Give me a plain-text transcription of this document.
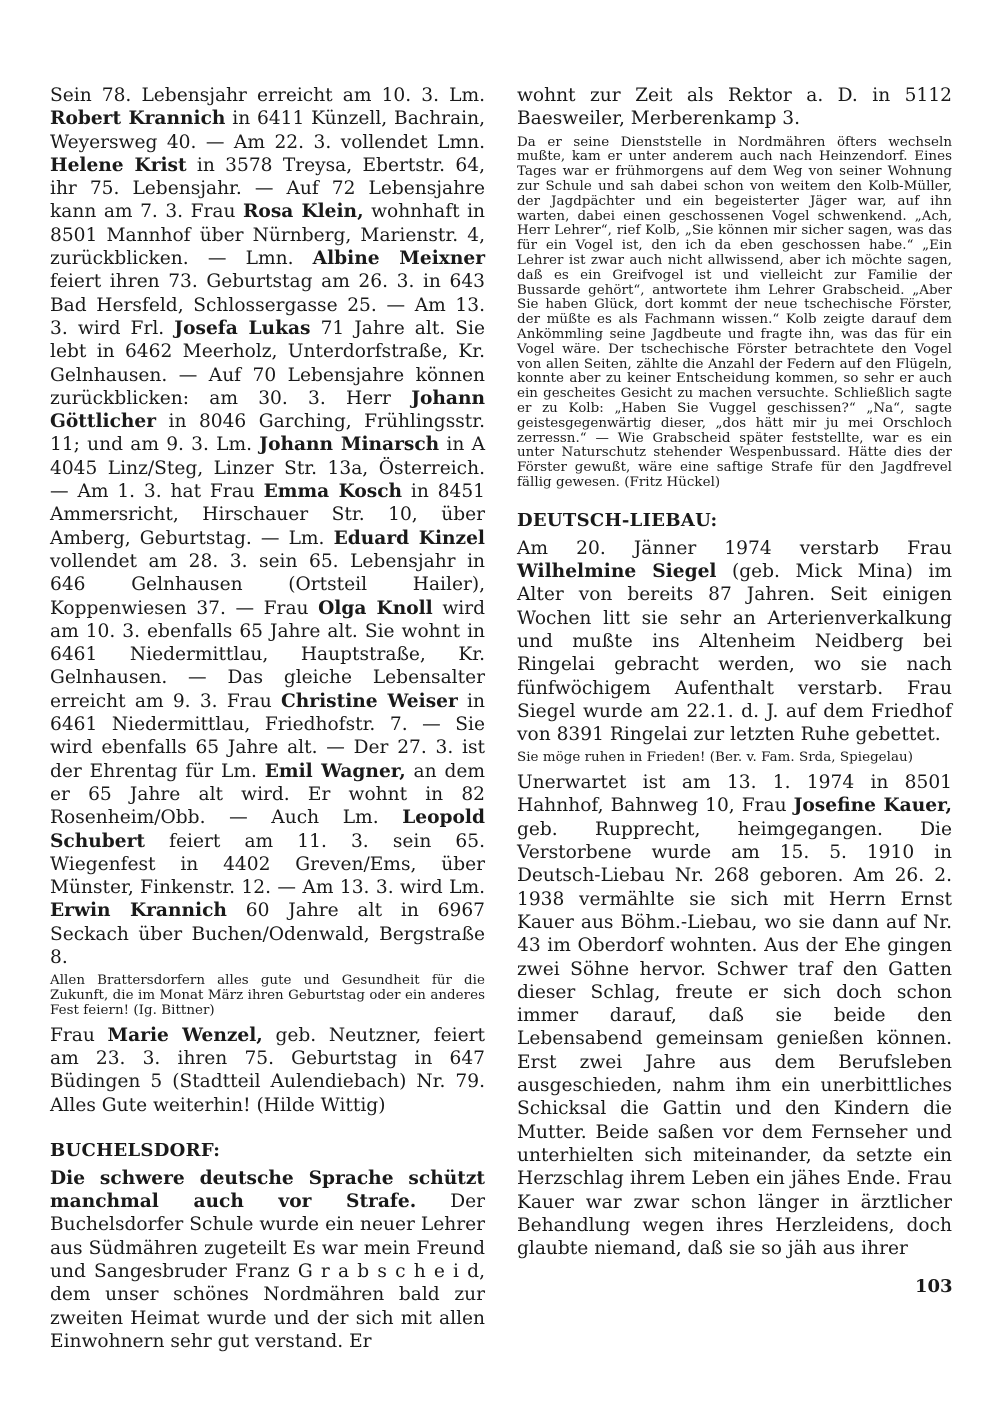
Sein 78. Lebensjahr erreicht am 10. 3. Lm. Robert Krannich in 6411 Künzell, Bachrain, Weyersweg 40. — Am 22. 3. vollendet Lmn. Helene Krist in 3578 Treysa, Ebertstr. 64, ihr 75. Lebensjahr. — Auf 72 Lebensjahre kann am 7. 3. Frau Rosa Klein, wohnhaft in 8501 Mannhof über Nürnberg, Marienstr. 4, zurückblicken. — Lmn. Albine Meixner feiert ihren 73. Geburtstag am 26. 3. in 643 Bad Hersfeld, Schlossergasse 25. — Am 13. 3. wird Frl. Josefa Lukas 71 Jahre alt. Sie lebt in 6462 Meerholz, Unterdorfstraße, Kr. Gelnhausen. — Auf 70 Lebensjahre können zurückblicken: am 30. 3. Herr Johann Göttlicher in 8046 Garching, Frühlingsstr. 11; und am 9. 3. Lm. Johann Minarsch in A 4045 Linz/Steg, Linzer Str. 13a, Österreich. — Am 1. 3. hat Frau Emma Kosch in 8451 Ammersricht, Hirschauer Str. 10, über Amberg, Geburtstag. — Lm. Eduard Kinzel vollendet am 28. 3. sein 65. Lebensjahr in 646 Gelnhausen (Ortsteil Hailer), Koppenwiesen 37. — Frau Olga Knoll wird am 10. 3. ebenfalls 65 Jahre alt. Sie wohnt in 6461 Niedermittlau, Hauptstraße, Kr. Gelnhausen. — Das gleiche Lebensalter erreicht am 9. 3. Frau Christine Weiser in 6461 Niedermittlau, Friedhofstr. 7. — Sie wird ebenfalls 65 Jahre alt. — Der 27. 3. ist der Ehrentag für Lm. Emil Wagner, an dem er 65 Jahre alt wird. Er wohnt in 82 Rosenheim/Obb. — Auch Lm. Leopold Schubert feiert am 11. 3. sein 65. Wiegenfest in 4402 Greven/Ems, über Münster, Finkenstr. 12. — Am 13. 3. wird Lm. Erwin Krannich 60 Jahre alt in 6967 Seckach über Buchen/Odenwald, Bergstraße 8.

Allen Brattersdorfern alles gute und Gesundheit für die Zukunft, die im Monat März ihren Geburtstag oder ein anderes Fest feiern! (Ig. Bittner)

Frau Marie Wenzel, geb. Neutzner, feiert am 23. 3. ihren 75. Geburtstag in 647 Büdingen 5 (Stadtteil Aulendiebach) Nr. 79. Alles Gute weiterhin! (Hilde Wittig)

BUCHELSDORF:

Die schwere deutsche Sprache schützt manchmal auch vor Strafe. Der Buchelsdorfer Schule wurde ein neuer Lehrer aus Südmähren zugeteilt Es war mein Freund und Sangesbruder Franz G r a b s c h e i d, dem unser schönes Nordmähren bald zur zweiten Heimat wurde und der sich mit allen Einwohnern sehr gut verstand. Er

wohnt zur Zeit als Rektor a. D. in 5112 Baesweiler, Merberenkamp 3.

Da er seine Dienststelle in Nordmähren öfters wechseln mußte, kam er unter anderem auch nach Heinzendorf. Eines Tages war er frühmorgens auf dem Weg von seiner Wohnung zur Schule und sah dabei schon von weitem den Kolb-Müller, der Jagdpächter und ein begeisterter Jäger war, auf ihn warten, dabei einen geschossenen Vogel schwenkend. „Ach, Herr Lehrer“, rief Kolb, „Sie können mir sicher sagen, was das für ein Vogel ist, den ich da eben geschossen habe.“ „Ein Lehrer ist zwar auch nicht allwissend, aber ich möchte sagen, daß es ein Greifvogel ist und vielleicht zur Familie der Bussarde gehört“, antwortete ihm Lehrer Grabscheid. „Aber Sie haben Glück, dort kommt der neue tschechische Förster, der müßte es als Fachmann wissen.“ Kolb zeigte darauf dem Ankömmling seine Jagdbeute und fragte ihn, was das für ein Vogel wäre. Der tschechische Förster betrachtete den Vogel von allen Seiten, zählte die Anzahl der Federn auf den Flügeln, konnte aber zu keiner Entscheidung kommen, so sehr er auch ein gescheites Gesicht zu machen versuchte. Schließlich sagte er zu Kolb: „Haben Sie Vuggel geschissen?“ „Na“, sagte geistesgegenwärtig dieser, „dos hätt mir ju mei Orschloch zerressn.“ — Wie Grabscheid später feststellte, war es ein unter Naturschutz stehender Wespenbussard. Hätte dies der Förster gewußt, wäre eine saftige Strafe für den Jagdfrevel fällig gewesen. (Fritz Hückel)

DEUTSCH-LIEBAU:

Am 20. Jänner 1974 verstarb Frau Wilhelmine Siegel (geb. Mick Mina) im Alter von bereits 87 Jahren. Seit einigen Wochen litt sie sehr an Arterienverkalkung und mußte ins Altenheim Neidberg bei Ringelai gebracht werden, wo sie nach fünfwöchigem Aufenthalt verstarb. Frau Siegel wurde am 22.1. d. J. auf dem Friedhof von 8391 Ringelai zur letzten Ruhe gebettet.

Sie möge ruhen in Frieden! (Ber. v. Fam. Srda, Spiegelau)

Unerwartet ist am 13. 1. 1974 in 8501 Hahnhof, Bahnweg 10, Frau Josefine Kauer, geb. Rupprecht, heimgegangen. Die Verstorbene wurde am 15. 5. 1910 in Deutsch-Liebau Nr. 268 geboren. Am 26. 2. 1938 vermählte sie sich mit Herrn Ernst Kauer aus Böhm.-Liebau, wo sie dann auf Nr. 43 im Oberdorf wohnten. Aus der Ehe gingen zwei Söhne hervor. Schwer traf den Gatten dieser Schlag, freute er sich doch schon immer darauf, daß sie beide den Lebensabend gemeinsam genießen können. Erst zwei Jahre aus dem Berufsleben ausgeschieden, nahm ihm ein unerbittliches Schicksal die Gattin und den Kindern die Mutter. Beide saßen vor dem Fernseher und unterhielten sich miteinander, da setzte ein Herzschlag ihrem Leben ein jähes Ende. Frau Kauer war zwar schon länger in ärztlicher Behandlung wegen ihres Herzleidens, doch glaubte niemand, daß sie so jäh aus ihrer

103
